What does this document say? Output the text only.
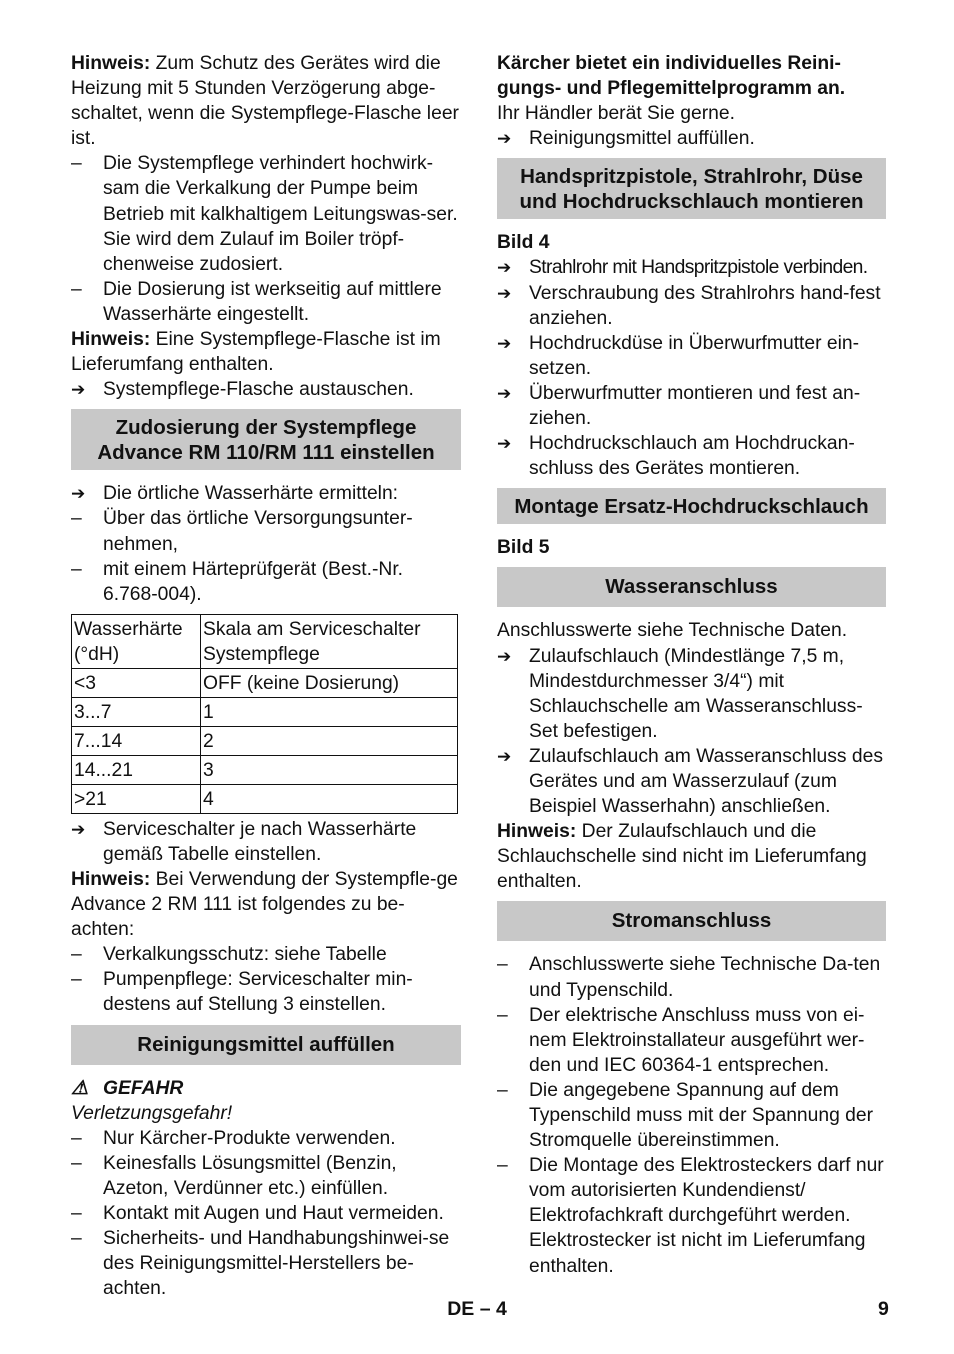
Hinweis: Zum Schutz des Gerätes wird die Heizung mit 5 Stunden Verzögerung abge-schaltet, wenn die Systempflege-Flasche leer ist.

–	Die Systempflege verhindert hochwirk-sam die Verkalkung der Pumpe beim Betrieb mit kalkhaltigem Leitungswas-ser. Sie wird dem Zulauf im Boiler tröpf-chenweise zudosiert.
–	Die Dosierung ist werkseitig auf mittlere Wasserhärte eingestellt.

Hinweis: Eine Systempflege-Flasche ist im Lieferumfang enthalten.

➔ Systempflege-Flasche austauschen.
Zudosierung der Systempflege Advance RM 110/RM 111 einstellen
➔ Die örtliche Wasserhärte ermitteln:
–	Über das örtliche Versorgungsunter-nehmen,
–	mit einem Härteprüfgerät (Best.-Nr. 6.768-004).
Wasserhärte (°dH)	Skala am Serviceschalter Systempflege
<3	OFF (keine Dosierung)
3...7	1
7...14	2
14...21	3
>21	4
➔ Serviceschalter je nach Wasserhärte gemäß Tabelle einstellen.

Hinweis: Bei Verwendung der Systempfle-ge Advance 2 RM 111 ist folgendes zu be-achten:

–	Verkalkungsschutz: siehe Tabelle
–	Pumpenpflege: Serviceschalter min-destens auf Stellung 3 einstellen.
Reinigungsmittel auffüllen
⚠ GEFAHR

Verletzungsgefahr!

–	Nur Kärcher-Produkte verwenden.
–	Keinesfalls Lösungsmittel (Benzin, Azeton, Verdünner etc.) einfüllen.
–	Kontakt mit Augen und Haut vermeiden.
–	Sicherheits- und Handhabungshinwei-se des Reinigungsmittel-Herstellers be-achten.

Kärcher bietet ein individuelles Reini-gungs- und Pflegemittelprogramm an.

Ihr Händler berät Sie gerne.

➔ Reinigungsmittel auffüllen.
Handspritzpistole, Strahlrohr, Düse und Hochdruckschlauch montieren

Bild 4

➔ Strahlrohr mit Handspritzpistole verbinden.
➔ Verschraubung des Strahlrohrs hand-fest anziehen.
➔ Hochdruckdüse in Überwurfmutter ein-setzen.
➔ Überwurfmutter montieren und fest an-ziehen.
➔ Hochdruckschlauch am Hochdruckan-schluss des Gerätes montieren.
Montage Ersatz-Hochdruckschlauch

Bild 5

Wasseranschluss

Anschlusswerte siehe Technische Daten.

➔ Zulaufschlauch (Mindestlänge 7,5 m, Mindestdurchmesser 3/4“) mit Schlauchschelle am Wasseranschluss-Set befestigen.
➔ Zulaufschlauch am Wasseranschluss des Gerätes und am Wasserzulauf (zum Beispiel Wasserhahn) anschließen.

Hinweis: Der Zulaufschlauch und die Schlauchschelle sind nicht im Lieferumfang enthalten.

Stromanschluss
–	Anschlusswerte siehe Technische Da-ten und Typenschild.
–	Der elektrische Anschluss muss von ei-nem Elektroinstallateur ausgeführt wer-den und IEC 60364-1 entsprechen.
–	Die angegebene Spannung auf dem Typenschild muss mit der Spannung der Stromquelle übereinstimmen.
–	Die Montage des Elektrosteckers darf nur vom autorisierten Kundendienst/ Elektrofachkraft durchgeführt werden. Elektrostecker ist nicht im Lieferumfang enthalten.
DE – 4	9
